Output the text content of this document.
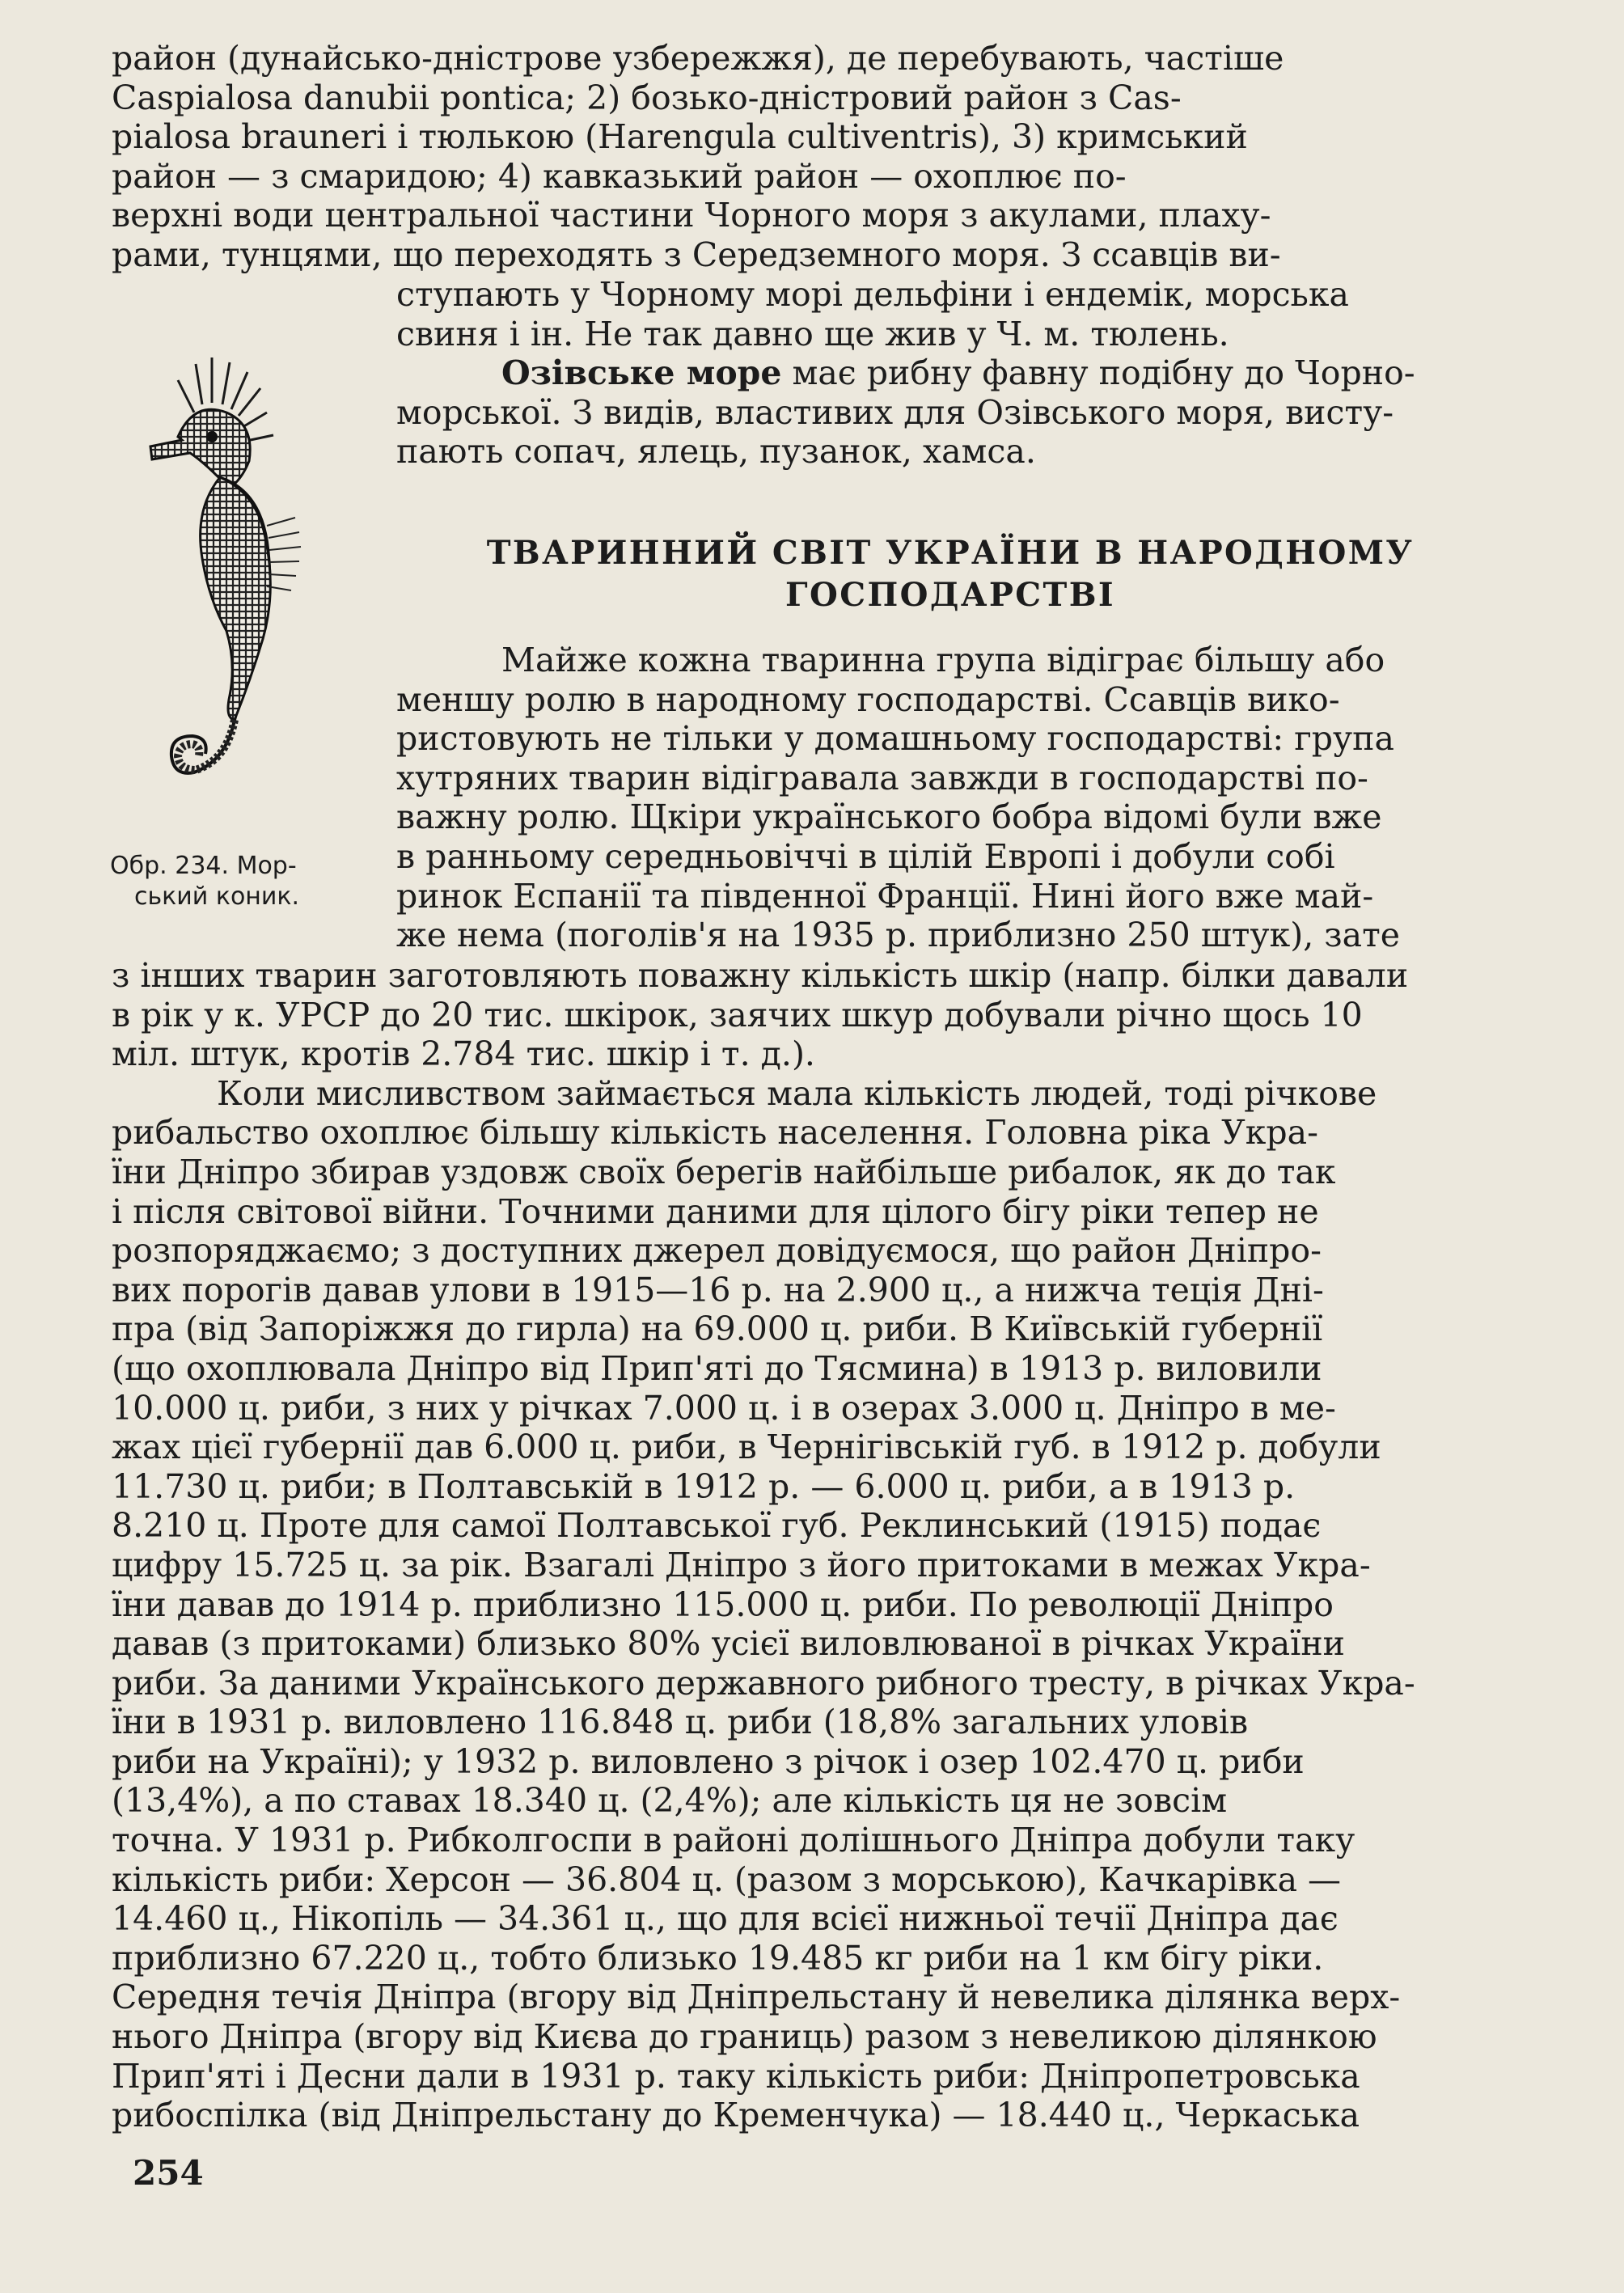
район (дунайсько-дністрове узбережжя), де перебувають, частіше
Caspialosa danubii pontica; 2) бозько-дністровий район з Cas-
pialosa brauneri і тюлькою (Harengula cultiventris), 3) кримський
район — з смаридою; 4) кавказький район — охоплює по-
верхні води центральної частини Чорного моря з акулами, плаху-
рами, тунцями, що переходять з Середземного моря. З ссавців ви-
ступають у Чорному морі дельфіни і ендемік, морська
свиня і ін. Не так давно ще жив у Ч. м. тюлень.
Озівське море має рибну фавну подібну до Чорно-
морської. З видів, властивих для Озівського моря, висту-
пають сопач, ялець, пузанок, хамса.
ТВАРИННИЙ СВІТ УКРАЇНИ В НАРОДНОМУ
ГОСПОДАРСТВІ
Майже кожна тваринна група відіграє більшу або
меншу ролю в народному господарстві. Ссавців вико-
ристовують не тільки у домашньому господарстві: група
хутряних тварин відігравала завжди в господарстві по-
важну ролю. Щкіри українського бобра відомі були вже
в ранньому середньовіччі в цілій Европі і добули собі
ринок Еспанії та південної Франції. Нині його вже май-
же нема (поголів'я на 1935 р. приблизно 250 штук), зате
з інших тварин заготовляють поважну кількість шкір (напр. білки давали
в рік у к. УРСР до 20 тис. шкірок, заячих шкур добували річно щось 10
міл. штук, кротів 2.784 тис. шкір і т. д.).
Коли мисливством займається мала кількість людей, тоді річкове
рибальство охоплює більшу кількість населення. Головна ріка Укра-
їни Дніпро збирав уздовж своїх берегів найбільше рибалок, як до так
і після світової війни. Точними даними для цілого бігу ріки тепер не
розпоряджаємо; з доступних джерел довідуємося, що район Дніпро-
вих порогів давав улови в 1915—16 р. на 2.900 ц., а нижча теція Дні-
пра (від Запоріжжя до гирла) на 69.000 ц. риби. В Київській губернії
(що охоплювала Дніпро від Прип'яті до Тясмина) в 1913 р. виловили
10.000 ц. риби, з них у річках 7.000 ц. і в озерах 3.000 ц. Дніпро в ме-
жах цієї губернії дав 6.000 ц. риби, в Чернігівській губ. в 1912 р. добули
11.730 ц. риби; в Полтавській в 1912 р. — 6.000 ц. риби, а в 1913 р.
8.210 ц. Проте для самої Полтавської губ. Реклинський (1915) подає
цифру 15.725 ц. за рік. Взагалі Дніпро з його притоками в межах Укра-
їни давав до 1914 р. приблизно 115.000 ц. риби. По революції Дніпро
давав (з притоками) близько 80% усієї виловлюваної в річках України
риби. За даними Українського державного рибного тресту, в річках Укра-
їни в 1931 р. виловлено 116.848 ц. риби (18,8% загальних уловів
риби на Україні); у 1932 р. виловлено з річок і озер 102.470 ц. риби
(13,4%), а по ставах 18.340 ц. (2,4%); але кількість ця не зовсім
точна. У 1931 р. Рибколгоспи в районі долішнього Дніпра добули таку
кількість риби: Херсон — 36.804 ц. (разом з морською), Качкарівка —
14.460 ц., Нікопіль — 34.361 ц., що для всієї нижньої течії Дніпра дає
приблизно 67.220 ц., тобто близько 19.485 кг риби на 1 км бігу ріки.
Середня течія Дніпра (вгору від Дніпрельстану й невелика ділянка верх-
нього Дніпра (вгору від Києва до границь) разом з невеликою ділянкою
Прип'яті і Десни дали в 1931 р. таку кількість риби: Дніпропетровська
рибоспілка (від Дніпрельстану до Кременчука) — 18.440 ц., Черкаська
Обр. 234. Мор-
ський коник.
254
